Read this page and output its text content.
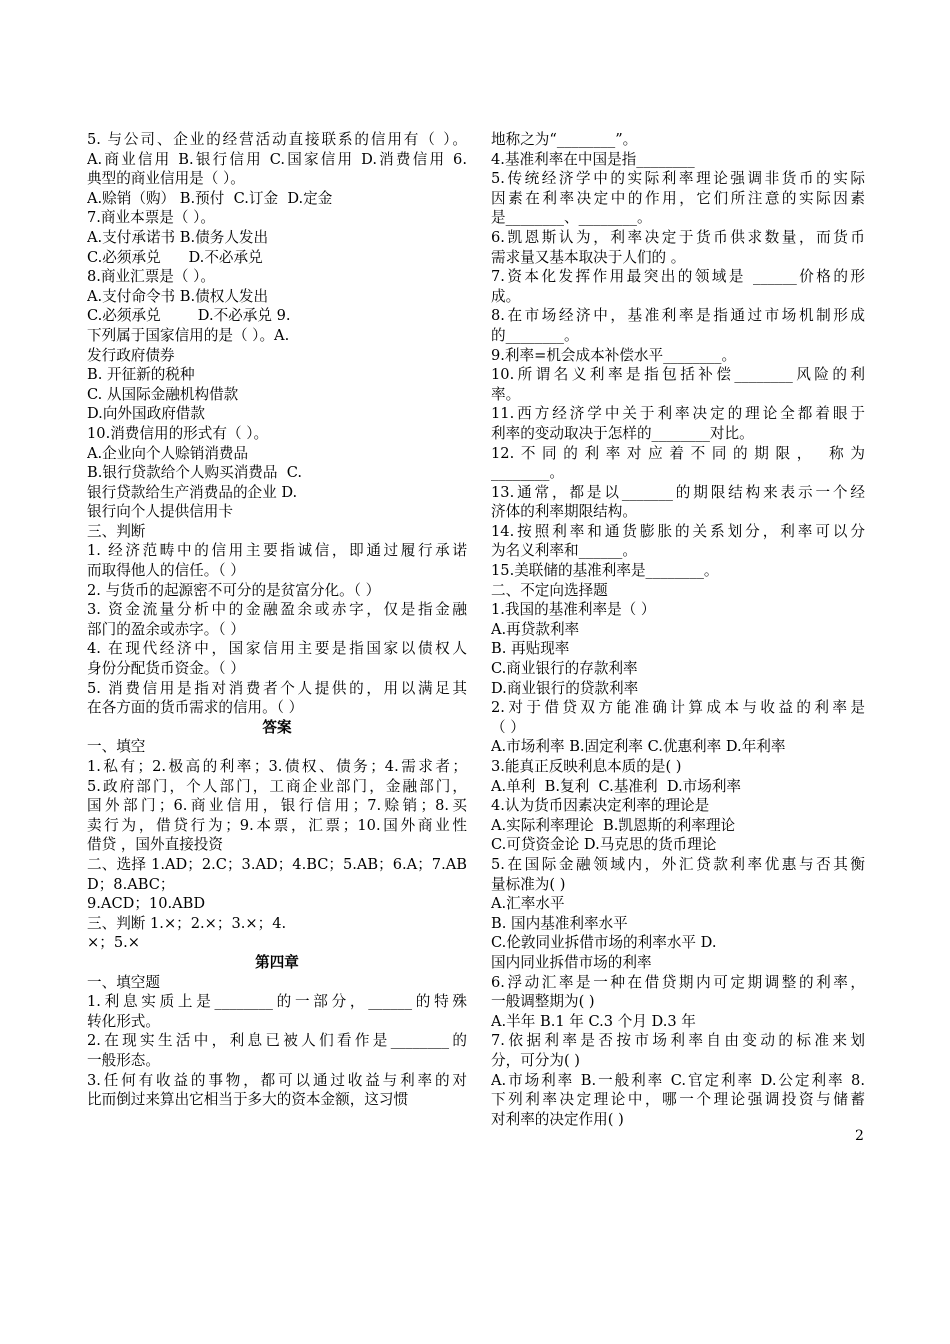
5. 与公司、企业的经营活动直接联系的信用有（ ）。
A.商业信用 B.银行信用 C.国家信用 D.消费信用 6.
典型的商业信用是（ ）。
A.赊销（购） B.预付  C.订金  D.定金
7.商业本票是（ ）。
A.支付承诺书 B.债务人发出
C.必须承兑      D.不必承兑
8.商业汇票是（ ）。
A.支付命令书 B.债权人发出
C.必须承兑        D.不必承兑 9.
下列属于国家信用的是（ ）。A.
发行政府债券
B. 开征新的税种
C. 从国际金融机构借款
D.向外国政府借款
10.消费信用的形式有（ ）。
A.企业向个人赊销消费品
B.银行贷款给个人购买消费品  C.
银行贷款给生产消费品的企业 D.
银行向个人提供信用卡
三、判断
1. 经济范畴中的信用主要指诚信，即通过履行承诺
而取得他人的信任。（ ）
2. 与货币的起源密不可分的是贫富分化。（ ）
3. 资金流量分析中的金融盈余或赤字，仅是指金融
部门的盈余或赤字。（ ）
4. 在现代经济中，国家信用主要是指国家以债权人
身份分配货币资金。（ ）
5. 消费信用是指对消费者个人提供的，用以满足其
在各方面的货币需求的信用。（ ）
答案
一、填空
1.私有；2.极高的利率；3.债权、债务；4.需求者；
5.政府部门，个人部门，工商企业部门，金融部门，
国外部门；6.商业信用，银行信用；7.赊销；8.买
卖行为，借贷行为；9.本票，汇票；10.国外商业性
借贷 ，国外直接投资
二、选择 1.AD；2.C；3.AD；4.BC；5.AB；6.A；7.AB
D；8.ABC；
9.ACD；10.ABD
三、判断 1.×；2.×；3.×；4.
×；5.×
第四章
一、填空题
1.利息实质上是________的一部分，______的特殊
转化形式。
2.在现实生活中，利息已被人们看作是________的
一般形态。
3.任何有收益的事物，都可以通过收益与利率的对
比而倒过来算出它相当于多大的资本金额，这习惯
地称之为“________”。
4.基准利率在中国是指________
5.传统经济学中的实际利率理论强调非货币的实际
因素在利率决定中的作用，它们所注意的实际因素
是________、________。
6.凯恩斯认为，利率决定于货币供求数量，而货币
需求量又基本取决于人们的 。
7.资本化发挥作用最突出的领域是 ______价格的形
成。
8.在市场经济中，基准利率是指通过市场机制形成
的________。
9.利率=机会成本补偿水平________。
10.所谓名义利率是指包括补偿________风险的利
率。
11.西方经济学中关于利率决定的理论全都着眼于
利率的变动取决于怎样的________对比。
12.不同的利率对应着不同的期限， 称为
________。
13.通常，都是以_______的期限结构来表示一个经
济体的利率期限结构。
14.按照利率和通货膨胀的关系划分，利率可以分
为名义利率和______。
15.美联储的基准利率是________。
二、不定向选择题
1.我国的基准利率是（ ）
A.再贷款利率
B. 再贴现率
C.商业银行的存款利率
D.商业银行的贷款利率
2.对于借贷双方能准确计算成本与收益的利率是
（ ）
A.市场利率 B.固定利率 C.优惠利率 D.年利率
3.能真正反映利息本质的是( )
A.单利  B.复利  C.基准利  D.市场利率
4.认为货币因素决定利率的理论是
A.实际利率理论  B.凯恩斯的利率理论
C.可贷资金论 D.马克思的货币理论
5.在国际金融领域内，外汇贷款利率优惠与否其衡
量标准为( )
A.汇率水平
B. 国内基准利率水平
C.伦敦同业拆借市场的利率水平 D.
国内同业拆借市场的利率
6.浮动汇率是一种在借贷期内可定期调整的利率，
一般调整期为( )
A.半年 B.1 年 C.3 个月 D.3 年
7.依据利率是否按市场利率自由变动的标准来划
分，可分为( )
A.市场利率 B.一般利率 C.官定利率 D.公定利率 8.
下列利率决定理论中，哪一个理论强调投资与储蓄
对利率的决定作用( )
2
